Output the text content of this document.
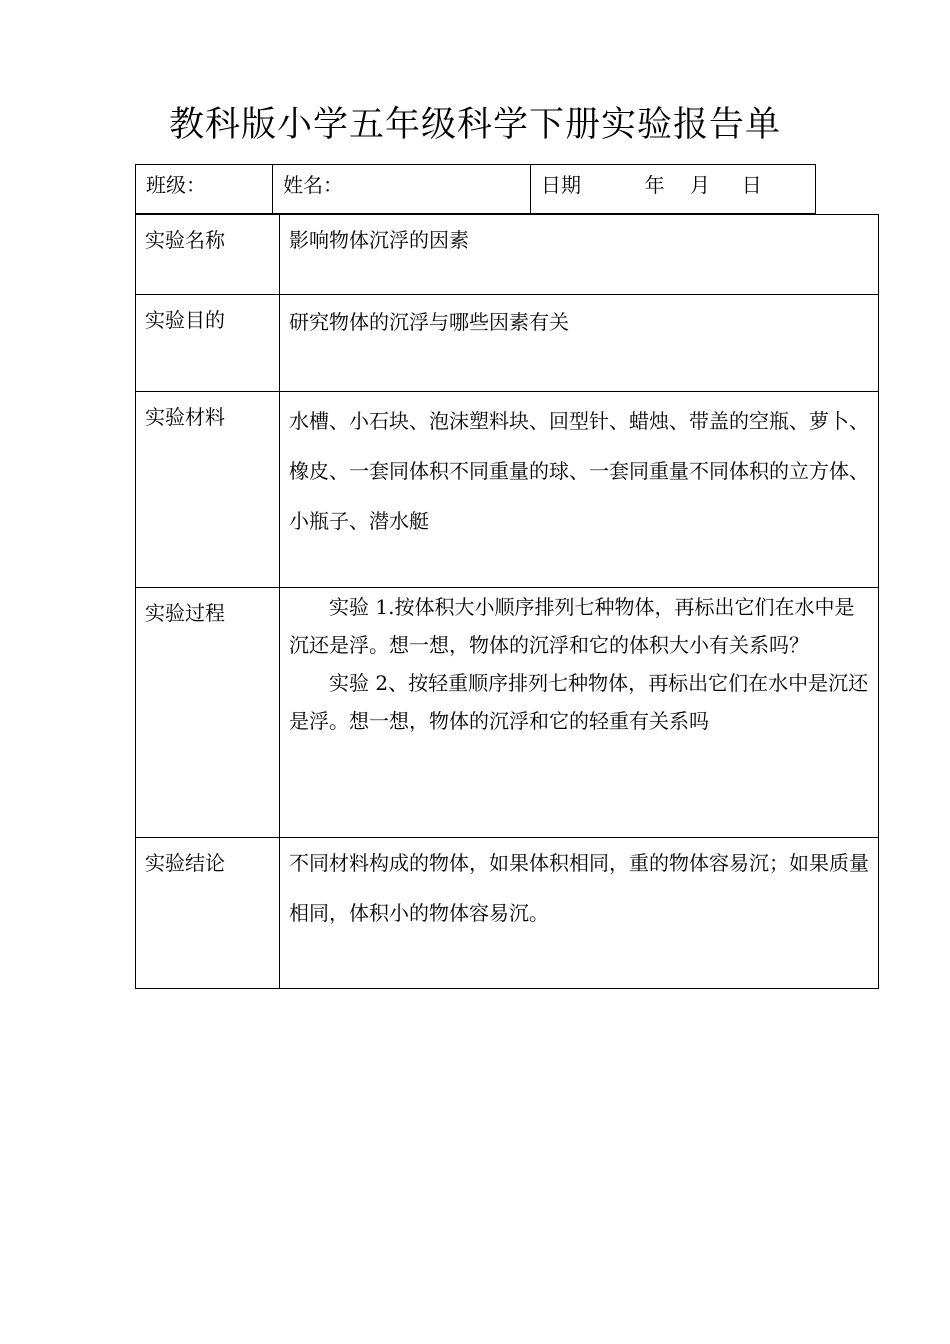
教科版小学五年级科学下册实验报告单
班级：	姓名：	日期          年    月     日
实验名称	影响物体沉浮的因素
实验目的	研究物体的沉浮与哪些因素有关
实验材料	水槽、小石块、泡沫塑料块、回型针、蜡烛、带盖的空瓶、萝卜、橡皮、一套同体积不同重量的球、一套同重量不同体积的立方体、小瓶子、潜水艇
实验过程	实验 1.按体积大小顺序排列七种物体，再标出它们在水中是沉还是浮。想一想，物体的沉浮和它的体积大小有关系吗？

实验 2、按轻重顺序排列七种物体，再标出它们在水中是沉还是浮。想一想，物体的沉浮和它的轻重有关系吗

实验结论	不同材料构成的物体，如果体积相同，重的物体容易沉；如果质量相同，体积小的物体容易沉。
